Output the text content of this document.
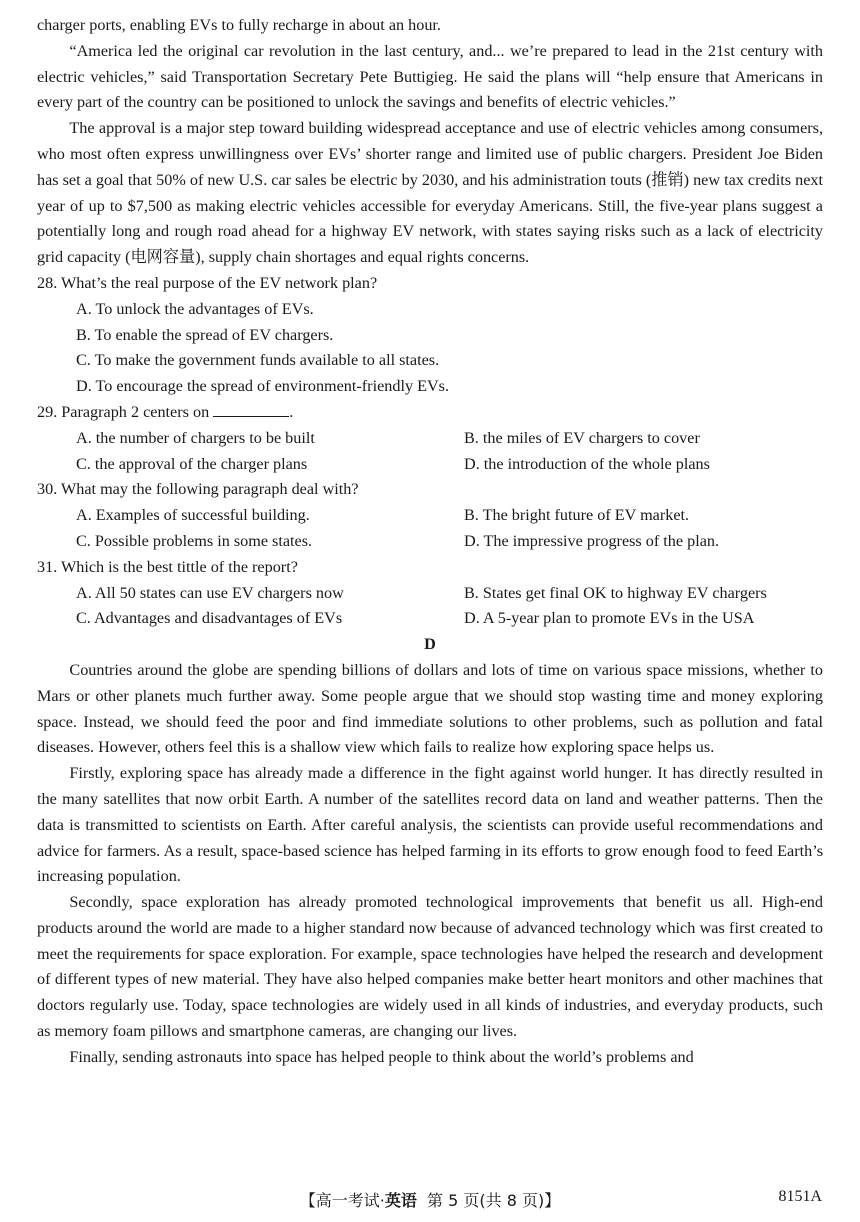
charger ports, enabling EVs to fully recharge in about an hour.

“America led the original car revolution in the last century, and... we’re prepared to lead in the 21st century with electric vehicles,” said Transportation Secretary Pete Buttigieg. He said the plans will “help ensure that Americans in every part of the country can be positioned to unlock the savings and benefits of electric vehicles.”

The approval is a major step toward building widespread acceptance and use of electric vehicles among consumers, who most often express unwillingness over EVs’ shorter range and limited use of public chargers. President Joe Biden has set a goal that 50% of new U.S. car sales be electric by 2030, and his administration touts (推销) new tax credits next year of up to $7,500 as making electric vehicles accessible for everyday Americans. Still, the five-year plans suggest a potentially long and rough road ahead for a highway EV network, with states saying risks such as a lack of electricity grid capacity (电网容量), supply chain shortages and equal rights concerns.

28. What’s the real purpose of the EV network plan?
A. To unlock the advantages of EVs.
B. To enable the spread of EV chargers.
C. To make the government funds available to all states.
D. To encourage the spread of environment-friendly EVs.
29. Paragraph 2 centers on	.
A. the number of chargers to be built	B. the miles of EV chargers to cover
C. the approval of the charger plans	D. the introduction of the whole plans
30. What may the following paragraph deal with?
A. Examples of successful building.	B. The bright future of EV market.
C. Possible problems in some states.	D. The impressive progress of the plan.
31. Which is the best tittle of the report?
A. All 50 states can use EV chargers now	B. States get final OK to highway EV chargers
C. Advantages and disadvantages of EVs	D. A 5-year plan to promote EVs in the USA
D

Countries around the globe are spending billions of dollars and lots of time on various space missions, whether to Mars or other planets much further away. Some people argue that we should stop wasting time and money exploring space. Instead, we should feed the poor and find immediate solutions to other problems, such as pollution and fatal diseases. However, others feel this is a shallow view which fails to realize how exploring space helps us.

Firstly, exploring space has already made a difference in the fight against world hunger. It has directly resulted in the many satellites that now orbit Earth. A number of the satellites record data on land and weather patterns. Then the data is transmitted to scientists on Earth. After careful analysis, the scientists can provide useful recommendations and advice for farmers. As a result, space-based science has helped farming in its efforts to grow enough food to feed Earth’s increasing population.

Secondly, space exploration has already promoted technological improvements that benefit us all. High-end products around the world are made to a higher standard now because of advanced technology which was first created to meet the requirements for space exploration. For example, space technologies have helped the research and development of different types of new material. They have also helped companies make better heart monitors and other machines that doctors regularly use. Today, space technologies are widely used in all kinds of industries, and everyday products, such as memory foam pillows and smartphone cameras, are changing our lives.

Finally, sending astronauts into space has helped people to think about the world’s problems and

【高一考试·英语 第 5 页(共 8 页)】	8151A
